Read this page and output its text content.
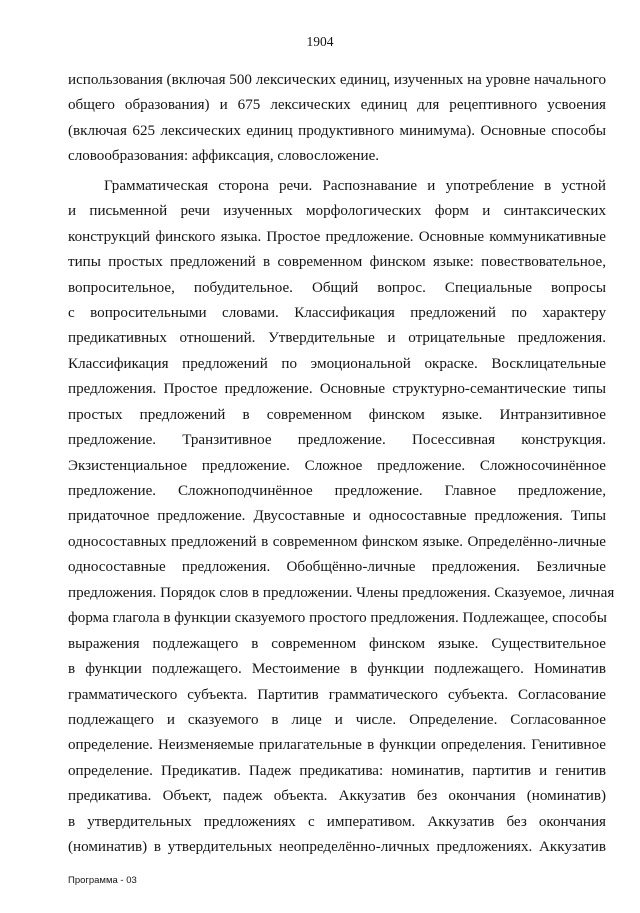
1904
использования (включая 500 лексических единиц, изученных на уровне начального
общего образования) и 675 лексических единиц для рецептивного усвоения
(включая 625 лексических единиц продуктивного минимума). Основные способы
словообразования: аффиксация, словосложение.
Грамматическая сторона речи. Распознавание и употребление в устной
и письменной речи изученных морфологических форм и синтаксических
конструкций финского языка. Простое предложение. Основные коммуникативные
типы простых предложений в современном финском языке: повествовательное,
вопросительное, побудительное. Общий вопрос. Специальные вопросы
с вопросительными словами. Классификация предложений по характеру
предикативных отношений. Утвердительные и отрицательные предложения.
Классификация предложений по эмоциональной окраске. Восклицательные
предложения. Простое предложение. Основные структурно-семантические типы
простых предложений в современном финском языке. Интранзитивное
предложение. Транзитивное предложение. Посессивная конструкция.
Экзистенциальное предложение. Сложное предложение. Сложносочинённое
предложение. Сложноподчинённое предложение. Главное предложение,
придаточное предложение. Двусоставные и односоставные предложения. Типы
односоставных предложений в современном финском языке. Определённо-личные
односоставные предложения. Обобщённо-личные предложения. Безличные
предложения. Порядок слов в предложении. Члены предложения. Сказуемое, личная
форма глагола в функции сказуемого простого предложения. Подлежащее, способы
выражения подлежащего в современном финском языке. Существительное
в функции подлежащего. Местоимение в функции подлежащего. Номинатив
грамматического субъекта. Партитив грамматического субъекта. Согласование
подлежащего и сказуемого в лице и числе. Определение. Согласованное
определение. Неизменяемые прилагательные в функции определения. Генитивное
определение. Предикатив. Падеж предикатива: номинатив, партитив и генитив
предикатива. Объект, падеж объекта. Аккузатив без окончания (номинатив)
в утвердительных предложениях с императивом. Аккузатив без окончания
(номинатив) в утвердительных неопределённо-личных предложениях. Аккузатив
Программа - 03
